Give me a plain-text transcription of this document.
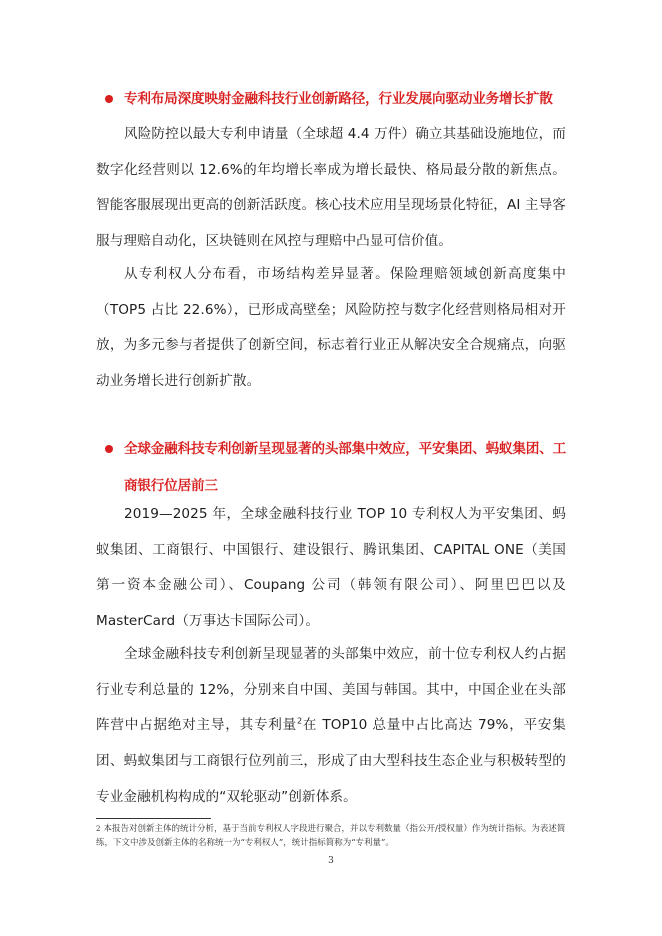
专利布局深度映射金融科技行业创新路径，行业发展向驱动业务增长扩散

风险防控以最大专利申请量（全球超 4.4 万件）确立其基础设施地位，而数字化经营则以 12.6%的年均增长率成为增长最快、格局最分散的新焦点。智能客服展现出更高的创新活跃度。核心技术应用呈现场景化特征，AI 主导客服与理赔自动化，区块链则在风控与理赔中凸显可信价值。

从专利权人分布看，市场结构差异显著。保险理赔领域创新高度集中（TOP5 占比 22.6%），已形成高壁垒；风险防控与数字化经营则格局相对开放，为多元参与者提供了创新空间，标志着行业正从解决安全合规痛点，向驱动业务增长进行创新扩散。

全球金融科技专利创新呈现显著的头部集中效应，平安集团、蚂蚁集团、工商银行位居前三

2019—2025 年，全球金融科技行业 TOP 10 专利权人为平安集团、蚂蚁集团、工商银行、中国银行、建设银行、腾讯集团、CAPITAL ONE（美国第一资本金融公司）、Coupang 公司（韩领有限公司）、阿里巴巴以及 MasterCard（万事达卡国际公司）。

全球金融科技专利创新呈现显著的头部集中效应，前十位专利权人约占据行业专利总量的 12%，分别来自中国、美国与韩国。其中，中国企业在头部阵营中占据绝对主导，其专利量$^2$在 TOP10 总量中占比高达 79%，平安集团、蚂蚁集团与工商银行位列前三，形成了由大型科技生态企业与积极转型的专业金融机构构成的“双轮驱动”创新体系。

$^2$ 本报告对创新主体的统计分析，基于当前专利权人字段进行聚合，并以专利数量（指公开/授权量）作为统计指标。为表述简练，下文中涉及创新主体的名称统一为“专利权人”，统计指标简称为“专利量”。
3
